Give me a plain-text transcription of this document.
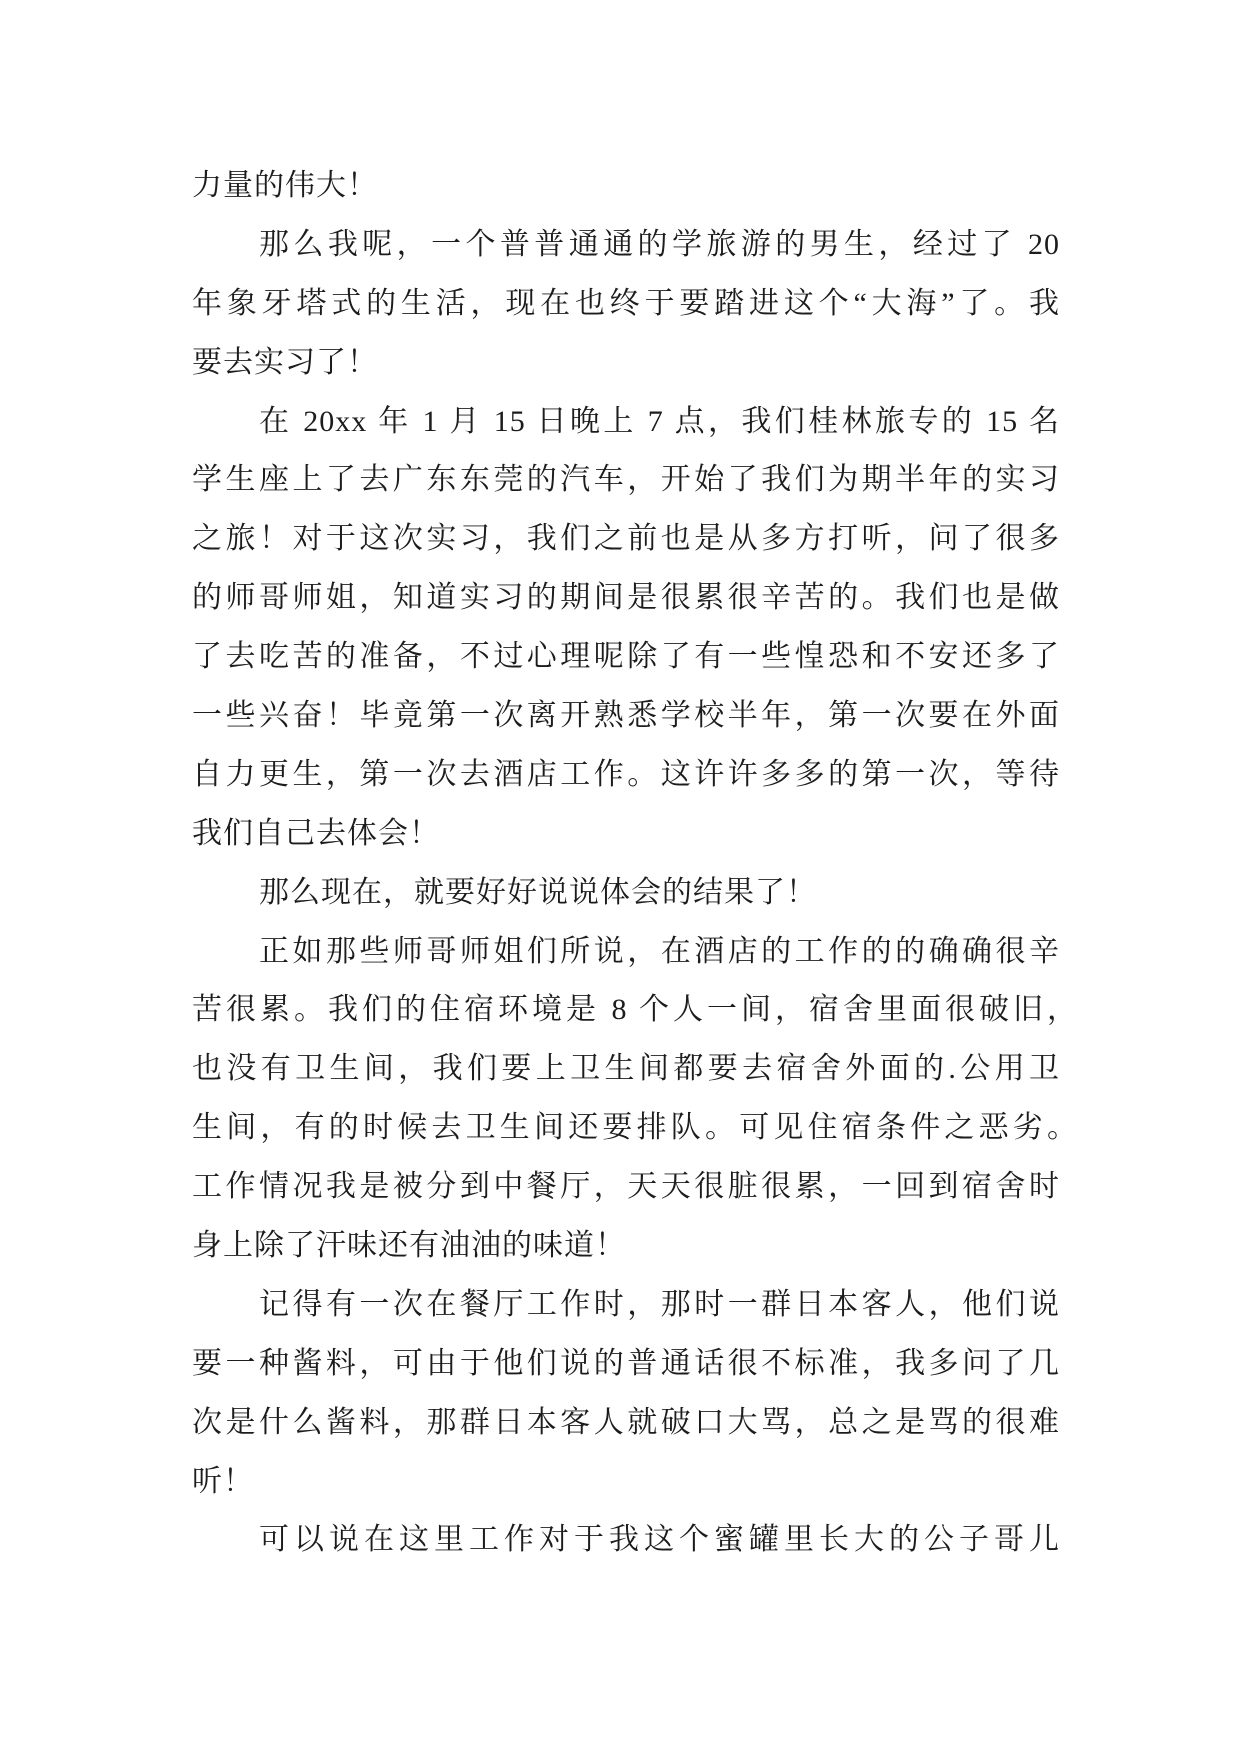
力量的伟大！
那么我呢，一个普普通通的学旅游的男生，经过了 20
年象牙塔式的生活，现在也终于要踏进这个“大海”了。我
要去实习了！
在 20xx 年 1 月 15 日晚上 7 点，我们桂林旅专的 15 名
学生座上了去广东东莞的汽车，开始了我们为期半年的实习
之旅！对于这次实习，我们之前也是从多方打听，问了很多
的师哥师姐，知道实习的期间是很累很辛苦的。我们也是做
了去吃苦的准备，不过心理呢除了有一些惶恐和不安还多了
一些兴奋！毕竟第一次离开熟悉学校半年，第一次要在外面
自力更生，第一次去酒店工作。这许许多多的第一次，等待
我们自己去体会！
那么现在，就要好好说说体会的结果了！
正如那些师哥师姐们所说，在酒店的工作的的确确很辛
苦很累。我们的住宿环境是 8 个人一间，宿舍里面很破旧，
也没有卫生间，我们要上卫生间都要去宿舍外面的.公用卫
生间，有的时候去卫生间还要排队。可见住宿条件之恶劣。
工作情况我是被分到中餐厅，天天很脏很累，一回到宿舍时
身上除了汗味还有油油的味道！
记得有一次在餐厅工作时，那时一群日本客人，他们说
要一种酱料，可由于他们说的普通话很不标准，我多问了几
次是什么酱料，那群日本客人就破口大骂，总之是骂的很难
听！
可以说在这里工作对于我这个蜜罐里长大的公子哥儿
